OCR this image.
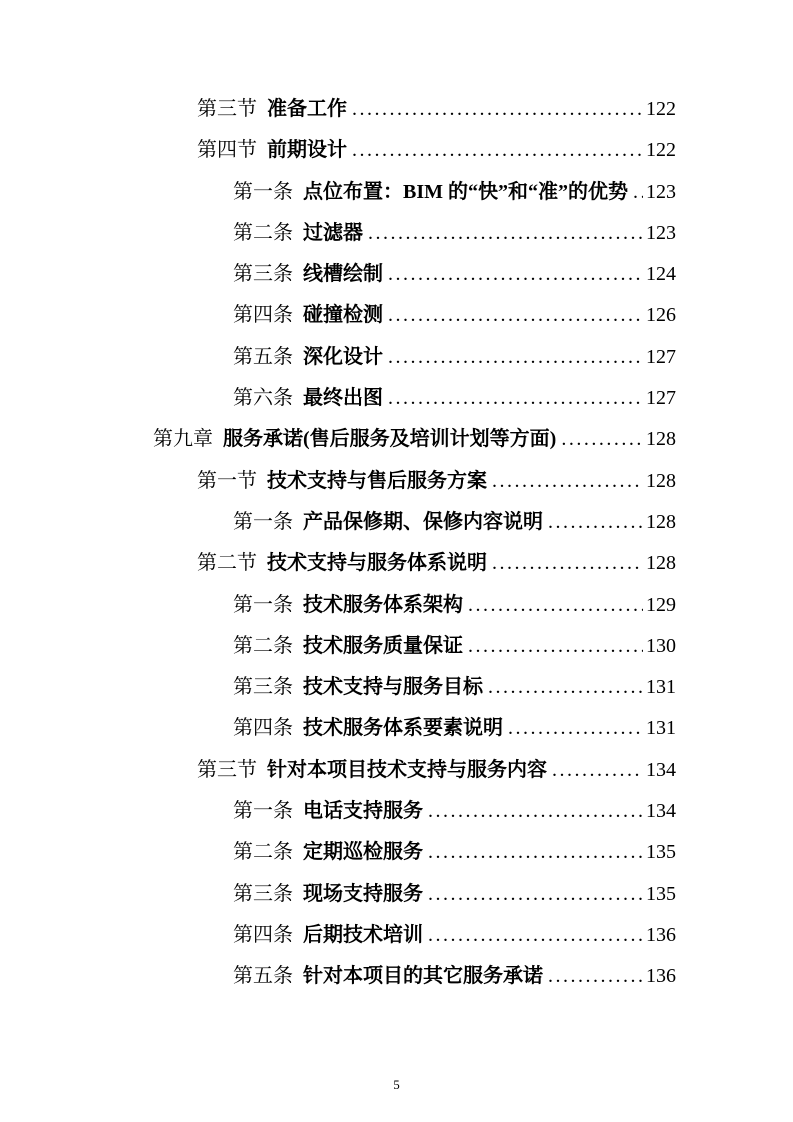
第三节 准备工作 .....	122
第四节 前期设计 .....	122
第一条 点位布置：BIM 的“快”和“准”的优势 ..... 123
第二条 过滤器 .....	123
第三条 线槽绘制 .....	124
第四条 碰撞检测 .....	126
第五条 深化设计 .....	127
第六条 最终出图 .....	127
第九章 服务承诺(售后服务及培训计划等方面) .....	128
第一节 技术支持与售后服务方案 .....	128
第一条 产品保修期、保修内容说明 .....	128
第二节 技术支持与服务体系说明 .....	128
第一条 技术服务体系架构 .....	129
第二条 技术服务质量保证 .....	130
第三条 技术支持与服务目标 .....	131
第四条 技术服务体系要素说明 .....	131
第三节 针对本项目技术支持与服务内容 .....	134
第一条 电话支持服务 .....	134
第二条 定期巡检服务 .....	135
第三条 现场支持服务 .....	135
第四条 后期技术培训 .....	136
第五条 针对本项目的其它服务承诺 .....	136
5
